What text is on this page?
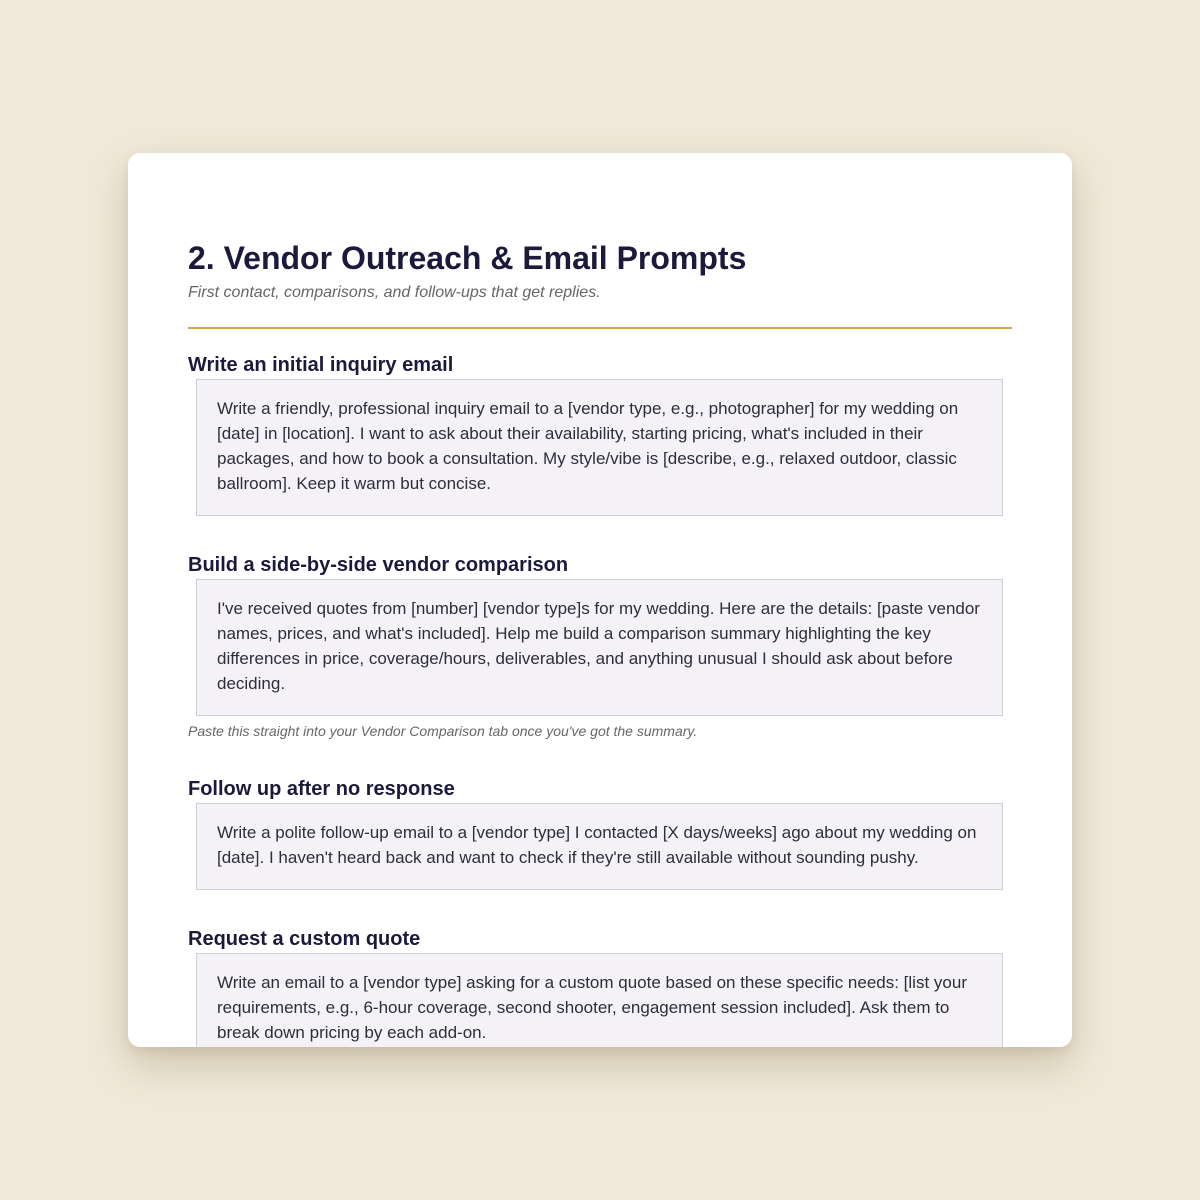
2. Vendor Outreach & Email Prompts

First contact, comparisons, and follow-ups that get replies.

Write an initial inquiry email
Write a friendly, professional inquiry email to a [vendor type, e.g., photographer] for my wedding on [date] in [location]. I want to ask about their availability, starting pricing, what's included in their packages, and how to book a consultation. My style/vibe is [describe, e.g., relaxed outdoor, classic ballroom]. Keep it warm but concise.
Build a side-by-side vendor comparison
I've received quotes from [number] [vendor type]s for my wedding. Here are the details: [paste vendor names, prices, and what's included]. Help me build a comparison summary highlighting the key differences in price, coverage/hours, deliverables, and anything unusual I should ask about before deciding.

Paste this straight into your Vendor Comparison tab once you've got the summary.

Follow up after no response
Write a polite follow-up email to a [vendor type] I contacted [X days/weeks] ago about my wedding on [date]. I haven't heard back and want to check if they're still available without sounding pushy.
Request a custom quote
Write an email to a [vendor type] asking for a custom quote based on these specific needs: [list your requirements, e.g., 6-hour coverage, second shooter, engagement session included]. Ask them to break down pricing by each add-on.
